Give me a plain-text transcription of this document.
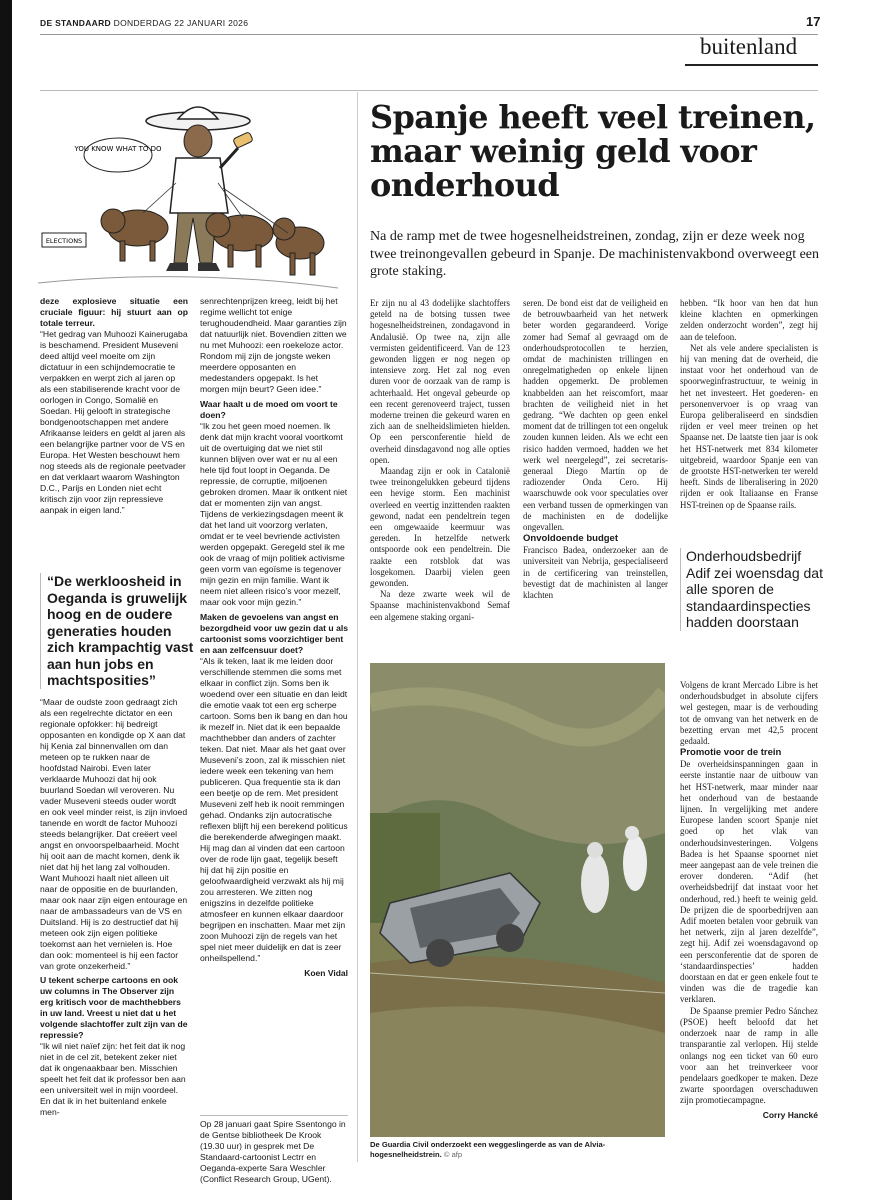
DE STANDAARD DONDERDAG 22 JANUARI 2026	17
buitenland
YOU KNOW WHAT TO DO
ELECTIONS

deze explosieve situatie een cruciale figuur: hij stuurt aan op totale terreur.

“Het gedrag van Muhoozi Kainerugaba is beschamend. President Museveni deed altijd veel moeite om zijn dictatuur in een schijndemocratie te verpakken en werpt zich al jaren op als een stabiliserende kracht voor de oorlogen in Congo, Somalië en Soedan. Hij gelooft in strategische bondgenootschappen met andere Afrikaanse leiders en geldt al jaren als een belangrijke partner voor de VS en Europa. Het Westen beschouwt hem nog steeds als de regionale peetvader en dat verklaart waarom Washington D.C., Parijs en Londen niet echt kritisch zijn voor zijn repressieve aanpak in eigen land.”

“De werkloosheid in Oeganda is gruwelijk hoog en de oudere generaties houden zich krampachtig vast aan hun jobs en machtsposities”

“Maar de oudste zoon gedraagt zich als een regelrechte dictator en een regionale opfokker: hij bedreigt opposanten en kondigde op X aan dat hij Kenia zal binnenvallen om dan meteen op te rukken naar de hoofdstad Nairobi. Even later verklaarde Muhoozi dat hij ook buurland Soedan wil veroveren. Nu vader Museveni steeds ouder wordt en ook veel minder reist, is zijn invloed tanende en wordt de factor Muhoozi steeds belangrijker. Dat creëert veel angst en onvoorspelbaarheid. Mocht hij ooit aan de macht komen, denk ik niet dat hij het lang zal volhouden. Want Muhoozi haalt niet alleen uit naar de oppositie en de buurlanden, maar ook naar zijn eigen entourage en naar de ambassadeurs van de VS en Duitsland. Hij is zo destructief dat hij meteen ook zijn eigen politieke toekomst aan het vernielen is. Hoe dan ook: momenteel is hij een factor van grote onzekerheid.”

U tekent scherpe cartoons en ook uw columns in The Observer zijn erg kritisch voor de machthebbers in uw land. Vreest u niet dat u het volgende slachtoffer zult zijn van de repressie?

“Ik wil niet naïef zijn: het feit dat ik nog niet in de cel zit, betekent zeker niet dat ik ongenaakbaar ben. Misschien speelt het feit dat ik professor ben aan een universiteit wel in mijn voordeel. En dat ik in het buitenland enkele men-

senrechtenprijzen kreeg, leidt bij het regime wellicht tot enige terughoudendheid. Maar garanties zijn dat natuurlijk niet. Bovendien zitten we nu met Muhoozi: een roekeloze actor. Rondom mij zijn de jongste weken meerdere opposanten en medestanders opgepakt. Is het morgen mijn beurt? Geen idee.”

Waar haalt u de moed om voort te doen?

“Ik zou het geen moed noemen. Ik denk dat mijn kracht vooral voortkomt uit de overtuiging dat we niet stil kunnen blijven over wat er nu al een hele tijd fout loopt in Oeganda. De repressie, de corruptie, miljoenen gebroken dromen. Maar ik ontkent niet dat er momenten zijn van angst. Tijdens de verkiezingsdagen meent ik dat het land uit voorzorg verlaten, omdat er te veel bevriende activisten werden opgepakt. Geregeld stel ik me ook de vraag of mijn politiek activisme geen vorm van egoïsme is tegenover mijn gezin en mijn familie. Want ik neem niet alleen risico’s voor mezelf, maar ook voor mijn gezin.”

Maken de gevoelens van angst en bezorgdheid voor uw gezin dat u als cartoonist soms voorzichtiger bent en aan zelfcensuur doet?

“Als ik teken, laat ik me leiden door verschillende stemmen die soms met elkaar in conflict zijn. Soms ben ik woedend over een situatie en dan leidt die emotie vaak tot een erg scherpe cartoon. Soms ben ik bang en dan hou ik mezelf in. Niet dat ik een bepaalde machthebber dan anders of zachter teken. Dat niet. Maar als het gaat over Museveni’s zoon, zal ik misschien niet iedere week een tekening van hem publiceren. Qua frequentie sta ik dan een beetje op de rem. Met president Museveni zelf heb ik nooit remmingen gehad. Ondanks zijn autocratische reflexen blijft hij een berekend politicus die berekenderde afwegingen maakt. Hij mag dan al vinden dat een cartoon over de rode lijn gaat, tegelijk beseft hij dat hij zijn positie en geloofwaardigheid verzwakt als hij mij zou arresteren. We zitten nog enigszins in dezelfde politieke atmosfeer en kunnen elkaar daardoor begrijpen en inschatten. Maar met zijn zoon Muhoozi zijn de regels van het spel niet meer duidelijk en dat is zeer onheilspellend.”

Koen Vidal

Op 28 januari gaat Spire Ssentongo in de Gentse bibliotheek De Krook (19.30 uur) in gesprek met De Standaard-cartoonist Lectrr en Oeganda-experte Sara Weschler (Conflict Research Group, UGent).

Spanje heeft veel treinen, maar weinig geld voor onderhoud
Na de ramp met de twee hogesnelheidstreinen, zondag, zijn er deze week nog twee treinongevallen gebeurd in Spanje. De machinistenvakbond overweegt een grote staking.

Er zijn nu al 43 dodelijke slachtoffers geteld na de botsing tussen twee hogesnelheidstreinen, zondagavond in Andalusië. Op twee na, zijn alle vermisten geïdentificeerd. Van de 123 gewonden liggen er nog negen op intensieve zorg. Het zal nog even duren voor de oorzaak van de ramp is achterhaald. Het ongeval gebeurde op een recent gerenoveerd traject, tussen moderne treinen die gekeurd waren en zich aan de snelheidslimieten hielden. Op een persconferentie hield de overheid dinsdagavond nog alle opties open.

Maandag zijn er ook in Catalonië twee treinongelukken gebeurd tijdens een hevige storm. Een machinist overleed en veertig inzittenden raakten gewond, nadat een pendeltrein tegen een omgewaaide keermuur was gereden. In hetzelfde netwerk ontspoorde ook een pendeltrein. Die raakte een rotsblok dat was losgekomen. Daarbij vielen geen gewonden.

Na deze zwarte week wil de Spaanse machinistenvakbond Semaf een algemene staking organi-

seren. De bond eist dat de veiligheid en de betrouwbaarheid van het netwerk beter worden gegarandeerd. Vorige zomer had Semaf al gevraagd om de onderhoudsprotocollen te herzien, omdat de machinisten trillingen en onregelmatigheden op enkele lijnen hadden opgemerkt. De problemen knabbelden aan het reiscomfort, maar brachten de veiligheid niet in het gedrang. “We dachten op geen enkel moment dat de trillingen tot een ongeluk zouden kunnen leiden. Als we echt een risico hadden vermoed, hadden we het werk wel neergelegd”, zei secretaris-generaal Diego Martín op de radiozender Onda Cero. Hij waarschuwde ook voor speculaties over een verband tussen de opmerkingen van de machinisten en de dodelijke ongevallen.

Onvoldoende budget

Francisco Badea, onderzoeker aan de universiteit van Nebrija, gespecialiseerd in de certificering van treinstellen, bevestigt dat de machinisten al langer klachten

hebben. “Ik hoor van hen dat hun kleine klachten en opmerkingen zelden onderzocht worden”, zegt hij aan de telefoon.

Net als vele andere specialisten is hij van mening dat de overheid, die instaat voor het onderhoud van de spoorweginfrastructuur, te weinig in het net investeert. Het goederen- en personenvervoer is op vraag van Europa geliberaliseerd en sindsdien rijden er veel meer treinen op het Spaanse net. De laatste tien jaar is ook het HST-netwerk met 834 kilometer uitgebreid, waardoor Spanje een van de grootste HST-netwerken ter wereld heeft. Sinds de liberalisering in 2020 rijden er ook Italiaanse en Franse HST-treinen op de Spaanse rails.

Onderhoudsbedrijf Adif zei woensdag dat alle sporen de standaardinspecties hadden doorstaan

Volgens de krant Mercado Libre is het onderhoudsbudget in absolute cijfers wel gestegen, maar is de verhouding tot de omvang van het netwerk en de bezetting ervan met 42,5 procent gedaald.

Promotie voor de trein

De overheidsinspanningen gaan in eerste instantie naar de uitbouw van het HST-netwerk, maar minder naar het onderhoud van de bestaande lijnen. In vergelijking met andere Europese landen scoort Spanje niet goed op het vlak van onderhoudsinvesteringen. Volgens Badea is het Spaanse spoornet niet meer aangepast aan de vele treinen die erover donderen. “Adif (het overheidsbedrijf dat instaat voor het onderhoud, red.) heeft te weinig geld. De prijzen die de spoorbedrijven aan Adif moeten betalen voor gebruik van het netwerk, zijn al jaren dezelfde”, zegt hij. Adif zei woensdagavond op een persconferentie dat de sporen de ‘standaardinspecties’ hadden doorstaan en dat er geen enkele fout te vinden was die de tragedie kan verklaren.

De Spaanse premier Pedro Sánchez (PSOE) heeft beloofd dat het onderzoek naar de ramp in alle transparantie zal verlopen. Hij stelde onlangs nog een ticket van 60 euro voor aan het treinverkeer voor pendelaars goedkoper te maken. Deze zwarte spoordagen overschaduwen zijn promotiecampagne.

Corry Hancké

De Guardia Civil onderzoekt een weggeslingerde as van de Alvia-hogesnelheidstrein. © afp
